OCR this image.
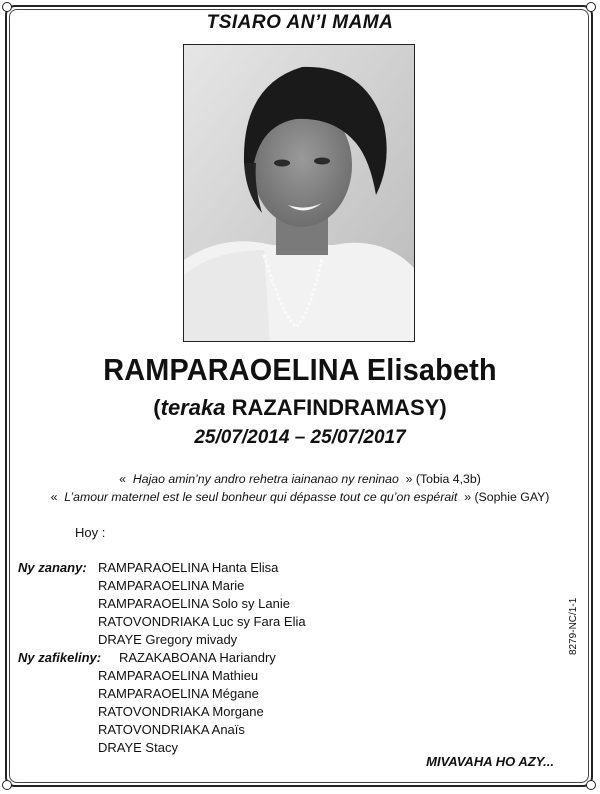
TSIARO AN’I MAMA
RAMPARAOELINA Elisabeth
(teraka RAZAFINDRAMASY)
25/07/2014 – 25/07/2017
« Hajao amin’ny andro rehetra iainanao ny reninao » (Tobia 4,3b)
« L’amour maternel est le seul bonheur qui dépasse tout ce qu’on espérait » (Sophie GAY)
Hoy :
Ny zanany: RAMPARAOELINA Hanta Elisa
RAMPARAOELINA Marie
RAMPARAOELINA Solo sy Lanie
RATOVONDRIAKA Luc sy Fara Elia
DRAYE Gregory mivady
Ny zafikeliny: RAZAKABOANA Hariandry
RAMPARAOELINA Mathieu
RAMPARAOELINA Mégane
RATOVONDRIAKA Morgane
RATOVONDRIAKA Anaïs
DRAYE Stacy
8279-NC/1-1
MIVAVAHA HO AZY...
